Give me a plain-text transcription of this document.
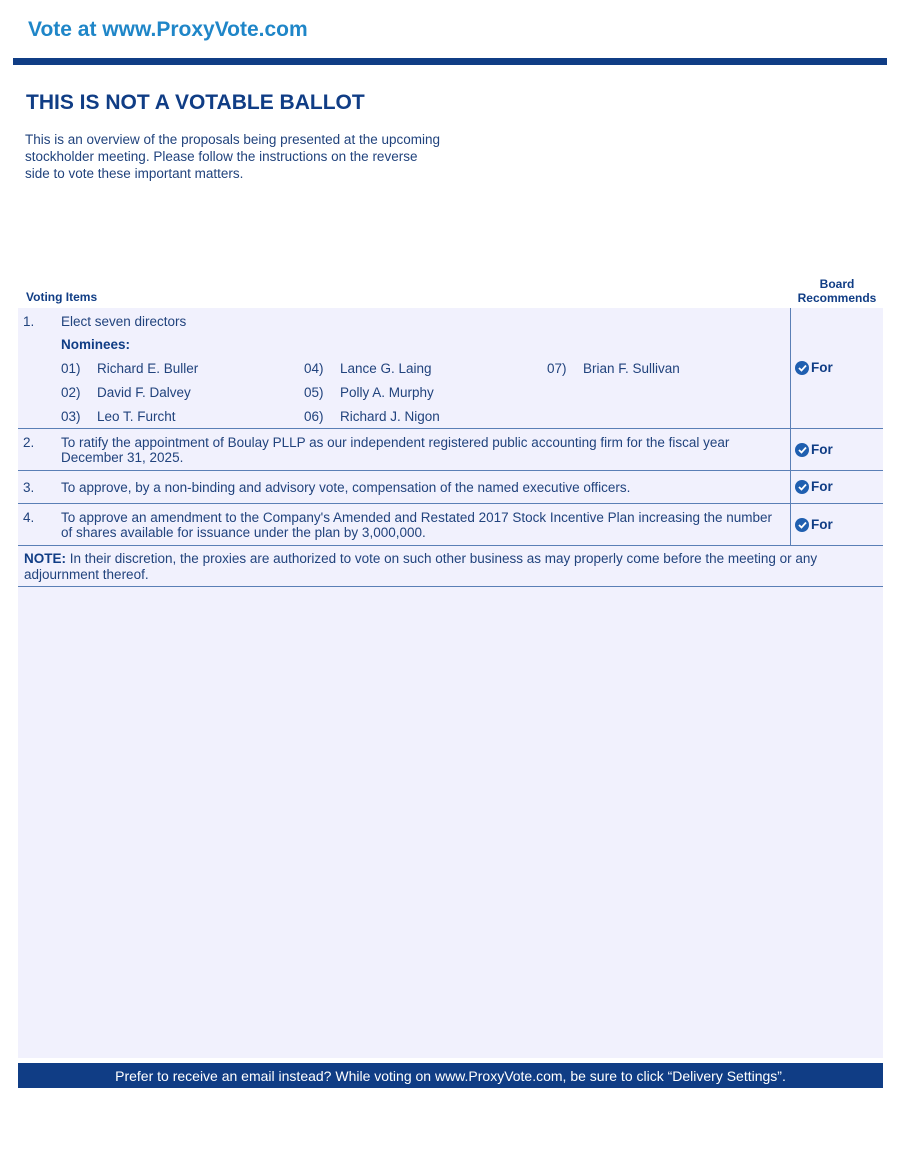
Vote at www.ProxyVote.com
THIS IS NOT A VOTABLE BALLOT

This is an overview of the proposals being presented at the upcoming stockholder meeting. Please follow the instructions on the reverse side to vote these important matters.

Voting Items
Board Recommends
For
1. Elect seven directors
Nominees:
01) Richard E. Buller
02) David F. Dalvey
03) Leo T. Furcht
04) Lance G. Laing
05) Polly A. Murphy
06) Richard J. Nigon
07) Brian F. Sullivan
For
2. To ratify the appointment of Boulay PLLP as our independent registered public accounting firm for the fiscal year December 31, 2025.
For
3. To approve, by a non-binding and advisory vote, compensation of the named executive officers.
For
4. To approve an amendment to the Company's Amended and Restated 2017 Stock Incentive Plan increasing the number of shares available for issuance under the plan by 3,000,000.
NOTE: In their discretion, the proxies are authorized to vote on such other business as may properly come before the meeting or any adjournment thereof.
Prefer to receive an email instead? While voting on www.ProxyVote.com, be sure to click “Delivery Settings”.
